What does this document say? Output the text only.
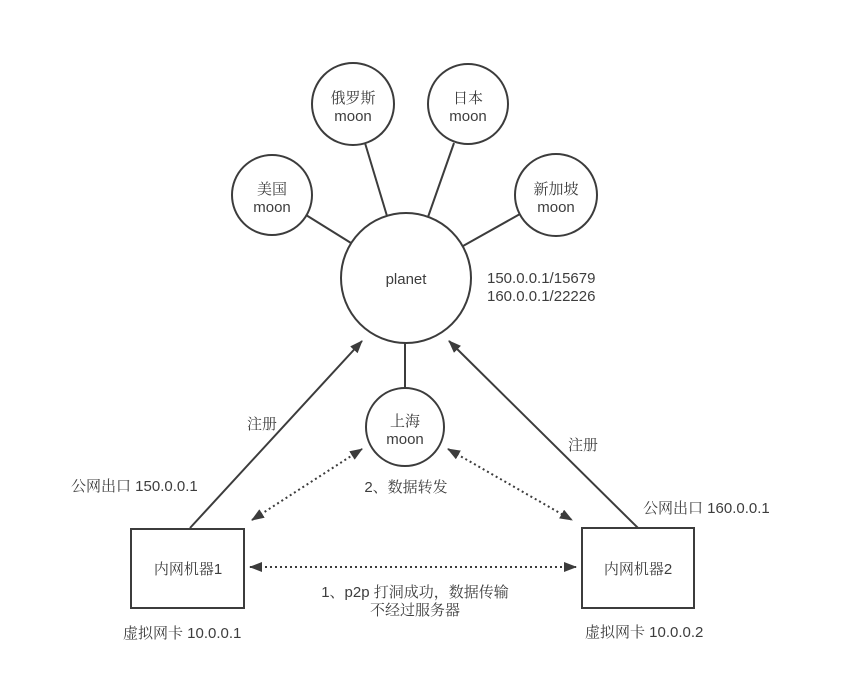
planet	150.0.0.1/15679
160.0.0.1/22226
俄罗斯
moon
日本
moon
美国
moon
新加坡
moon
上海
moon
内网机器1	内网机器2
注册
注册
2、数据转发
1、p2p 打洞成功，数据传输
不经过服务器
公网出口 150.0.0.1
公网出口 160.0.0.1
虚拟网卡 10.0.0.1	虚拟网卡 10.0.0.2
